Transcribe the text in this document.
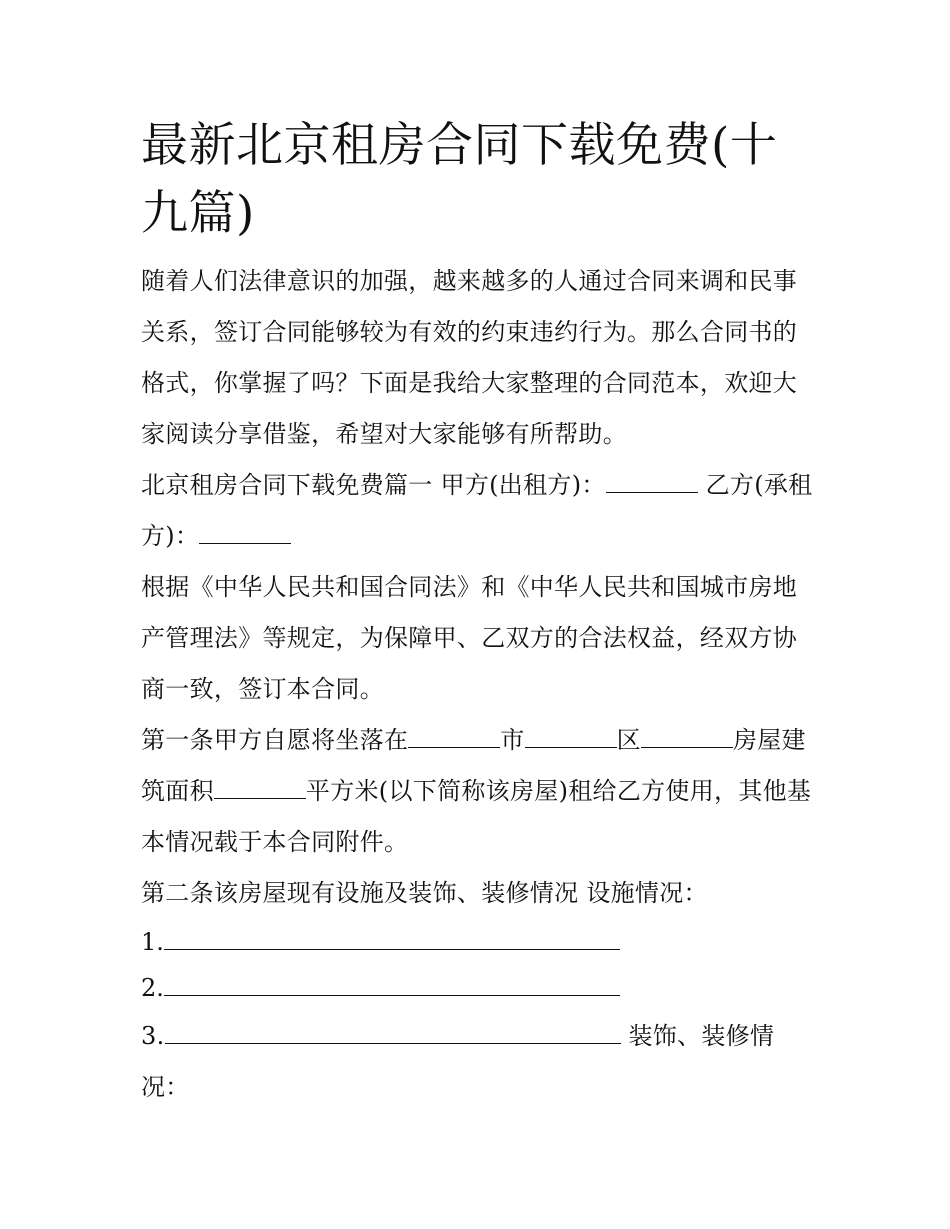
最新北京租房合同下载免费(十九篇)

随着人们法律意识的加强，越来越多的人通过合同来调和民事关系，签订合同能够较为有效的约束违约行为。那么合同书的格式，你掌握了吗？下面是我给大家整理的合同范本，欢迎大家阅读分享借鉴，希望对大家能够有所帮助。

北京租房合同下载免费篇一 甲方(出租方)：	乙方(承租方)：

根据《中华人民共和国合同法》和《中华人民共和国城市房地产管理法》等规定，为保障甲、乙双方的合法权益，经双方协商一致，签订本合同。

第一条甲方自愿将坐落在	市	区	房屋建筑面积	平方米(以下简称该房屋)租给乙方使用，其他基本情况载于本合同附件。

第二条该房屋现有设施及装饰、装修情况 设施情况：

1.

2.

3.	装饰、装修情况：
